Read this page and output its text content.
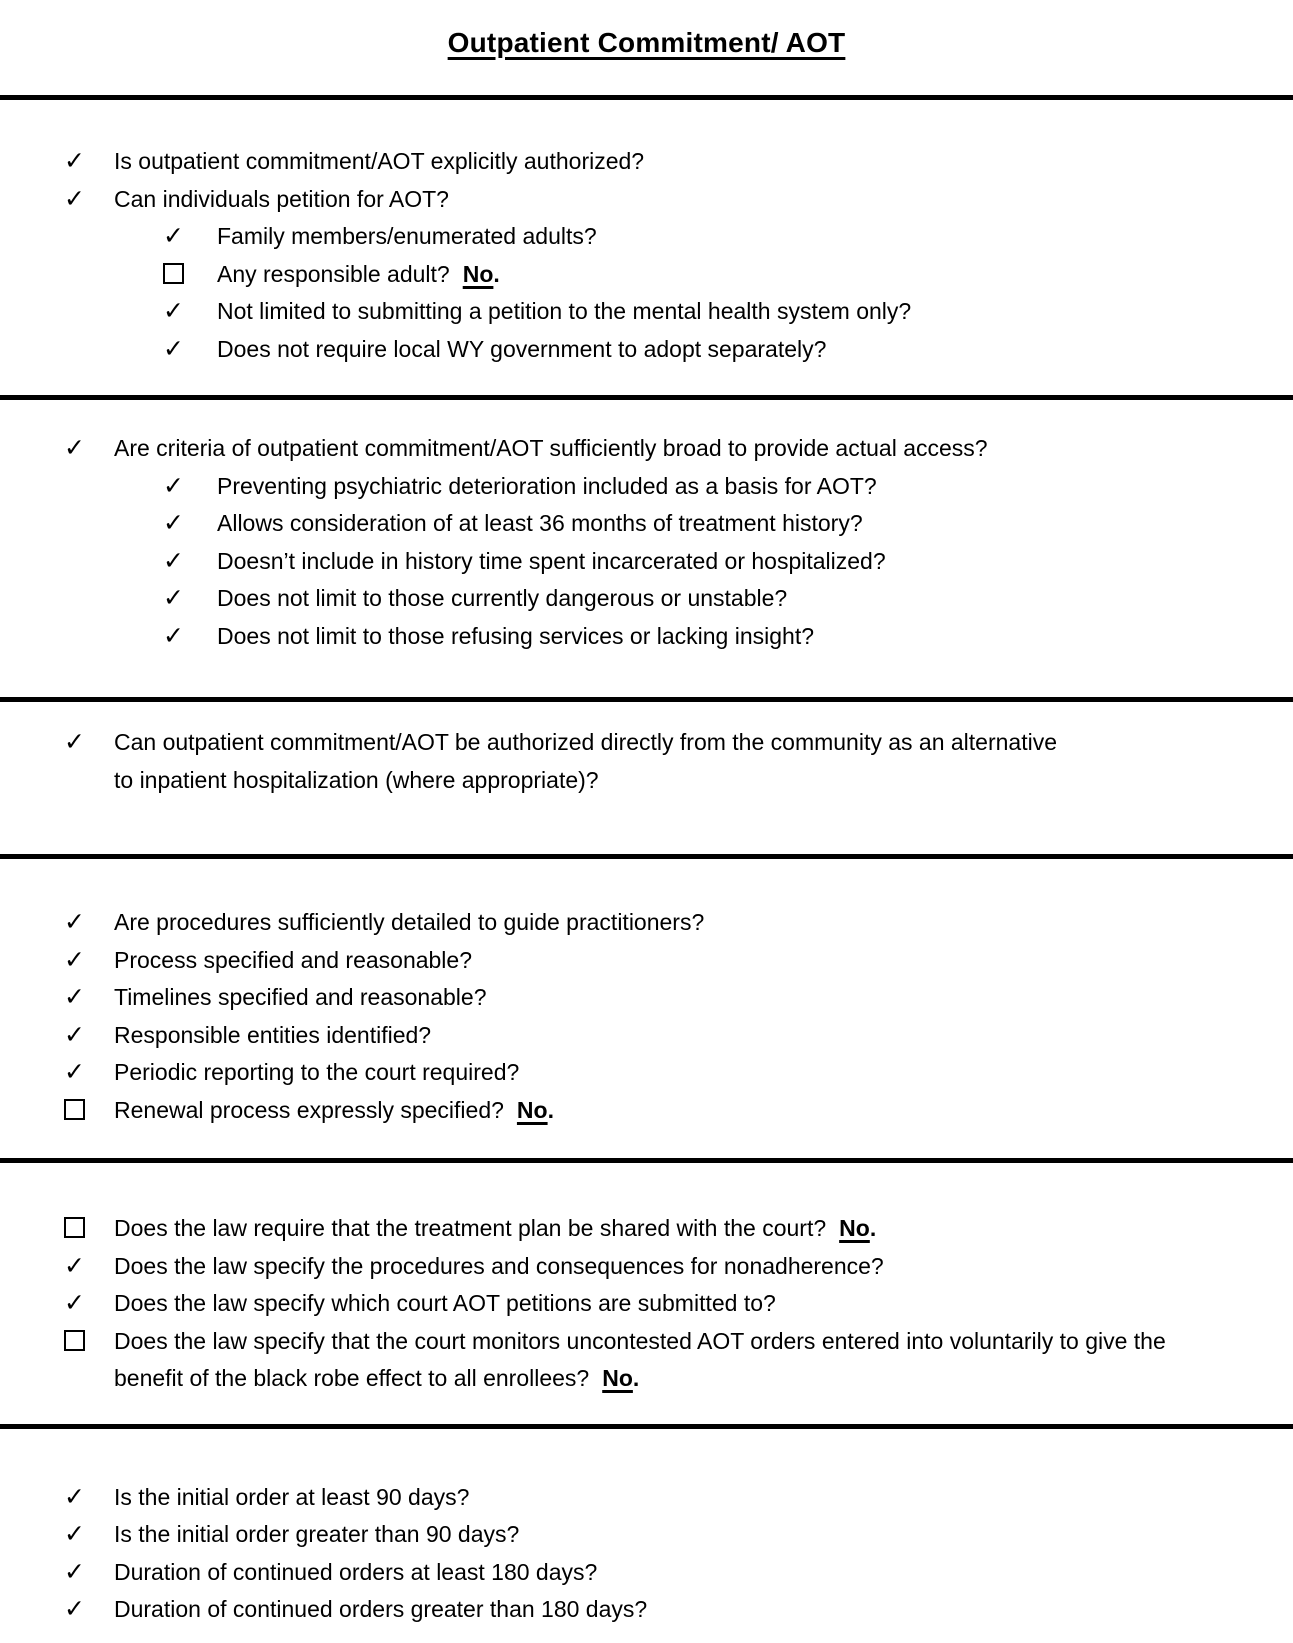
Outpatient Commitment/ AOT
✓	Is outpatient commitment/AOT explicitly authorized?
✓	Can individuals petition for AOT?
✓	Family members/enumerated adults?
Any responsible adult? No.
✓	Not limited to submitting a petition to the mental health system only?
✓	Does not require local WY government to adopt separately?
✓	Are criteria of outpatient commitment/AOT sufficiently broad to provide actual access?
✓	Preventing psychiatric deterioration included as a basis for AOT?
✓	Allows consideration of at least 36 months of treatment history?
✓	Doesn’t include in history time spent incarcerated or hospitalized?
✓	Does not limit to those currently dangerous or unstable?
✓	Does not limit to those refusing services or lacking insight?
✓	Can outpatient commitment/AOT be authorized directly from the community as an alternative to inpatient hospitalization (where appropriate)?
✓	Are procedures sufficiently detailed to guide practitioners?
✓	Process specified and reasonable?
✓	Timelines specified and reasonable?
✓	Responsible entities identified?
✓	Periodic reporting to the court required?
Renewal process expressly specified? No.
Does the law require that the treatment plan be shared with the court? No.
✓	Does the law specify the procedures and consequences for nonadherence?
✓	Does the law specify which court AOT petitions are submitted to?
Does the law specify that the court monitors uncontested AOT orders entered into voluntarily to give the benefit of the black robe effect to all enrollees? No.
✓	Is the initial order at least 90 days?
✓	Is the initial order greater than 90 days?
✓	Duration of continued orders at least 180 days?
✓	Duration of continued orders greater than 180 days?
